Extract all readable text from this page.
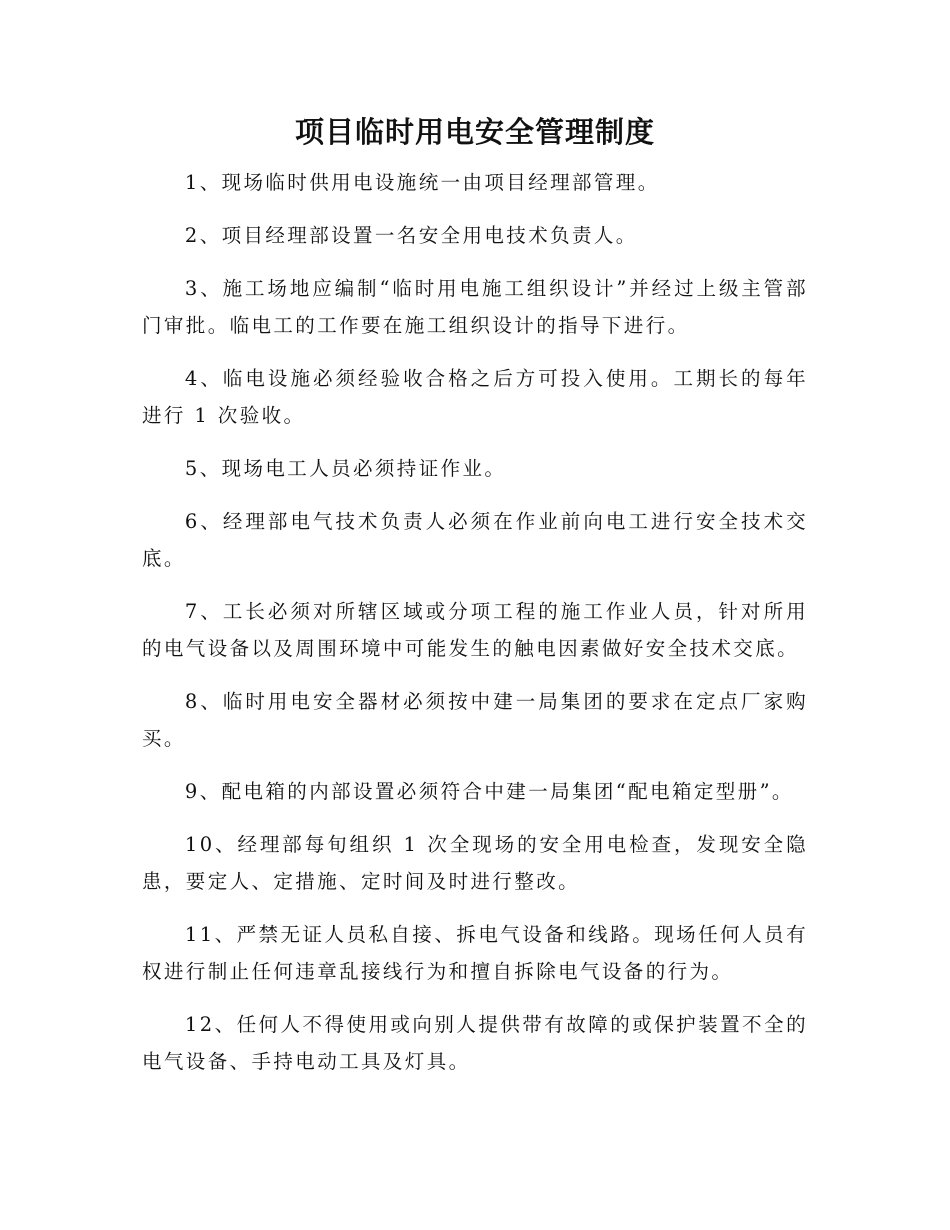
项目临时用电安全管理制度

1、现场临时供用电设施统一由项目经理部管理。

2、项目经理部设置一名安全用电技术负责人。

3、施工场地应编制“临时用电施工组织设计”并经过上级主管部门审批。临电工的工作要在施工组织设计的指导下进行。

4、临电设施必须经验收合格之后方可投入使用。工期长的每年进行 1 次验收。

5、现场电工人员必须持证作业。

6、经理部电气技术负责人必须在作业前向电工进行安全技术交底。

7、工长必须对所辖区域或分项工程的施工作业人员，针对所用的电气设备以及周围环境中可能发生的触电因素做好安全技术交底。

8、临时用电安全器材必须按中建一局集团的要求在定点厂家购买。

9、配电箱的内部设置必须符合中建一局集团“配电箱定型册”。

10、经理部每旬组织 1 次全现场的安全用电检查，发现安全隐患，要定人、定措施、定时间及时进行整改。

11、严禁无证人员私自接、拆电气设备和线路。现场任何人员有权进行制止任何违章乱接线行为和擅自拆除电气设备的行为。

12、任何人不得使用或向别人提供带有故障的或保护装置不全的电气设备、手持电动工具及灯具。
